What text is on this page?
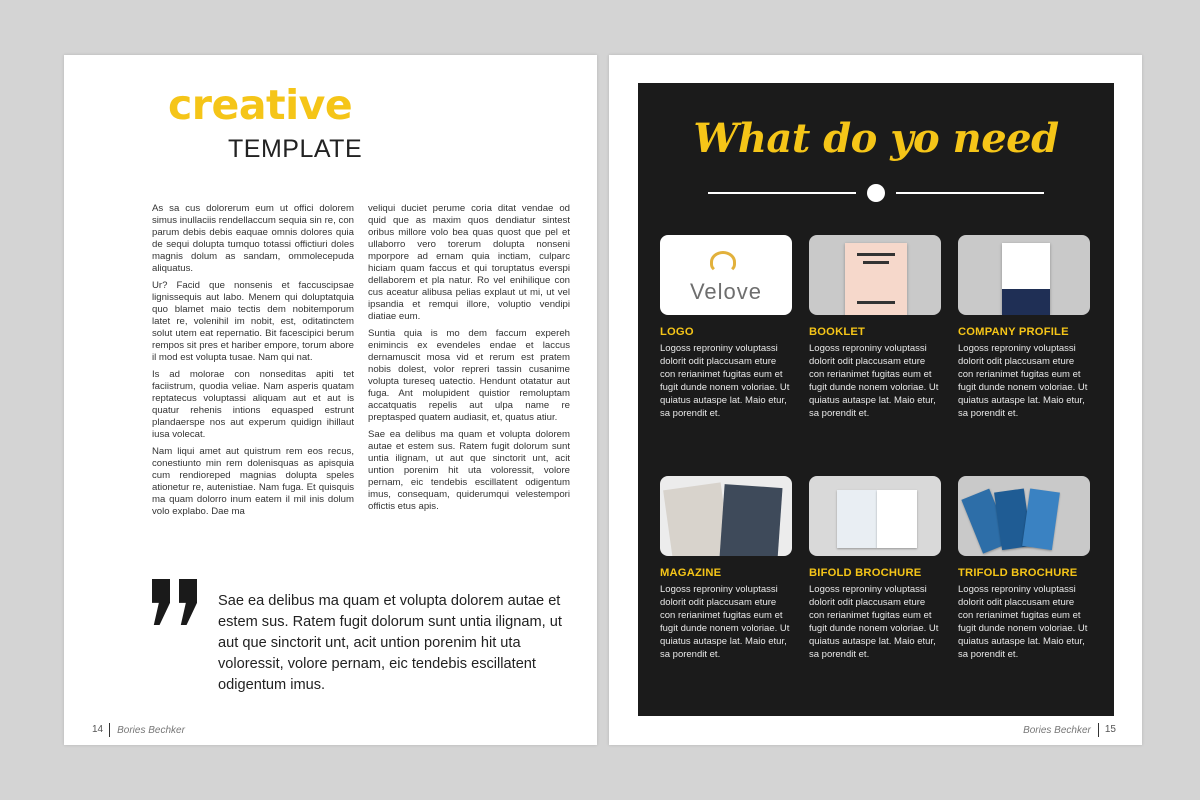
creative
TEMPLATE

As sa cus dolorerum eum ut offici dolorem simus inullaciis rendellaccum sequia sin re, con parum debis debis eaquae omnis dolores quia de sequi dolupta tumquo totassi offictiuri doles magnis dolum as sandam, ommolecepuda aliquatus.

Ur? Facid que nonsenis et faccuscipsae lignissequis aut labo. Menem qui doluptatquia quo blamet maio tectis dem nobitemporum latet re, volenihil im nobit, est, oditatinctem solut utem eat repernatio. Bit facescipici berum rempos sit pres et hariber empore, torum abore il mod est volupta tusae. Nam qui nat.

Is ad molorae con nonseditas apiti tet faciistrum, quodia veliae. Nam asperis quatam reptatecus voluptassi aliquam aut et aut is quatur rehenis intions equasped estrunt plandaerspe nos aut experum quidign ihillaut iusa volecat.

Nam liqui amet aut quistrum rem eos recus, conestiunto min rem dolenisquas as apisquia cum rendioreped magnias dolupta speles ationetur re, autenistiae. Nam fuga. Et quisquis ma quam dolorro inum eatem il mil inis dolum volo explabo. Dae ma

veliqui duciet perume coria ditat vendae od quid que as maxim quos dendiatur sintest oribus millore volo bea quas quost que pel et ullaborro vero torerum dolupta nonseni mporpore ad ernam quia inctiam, culparc hiciam quam faccus et qui toruptatus everspi dellaborem et pla natur. Ro vel enihilique con cus aceatur alibusa pelias explaut ut mi, ut vel ipsandia et remqui illore, voluptio vendipi diatiae eum.

Suntia quia is mo dem faccum expereh enimincis ex evendeles endae et laccus dernamuscit mosa vid et rerum est pratem nobis dolest, volor repreri tassin cusanime volupta tureseq uatectio. Hendunt otatatur aut fuga. Ant molupident quistior remoluptam accatquatis repelis aut ulpa name re preptasped quatem audiasit, et, quatus atiur.

Sae ea delibus ma quam et volupta dolorem autae et estem sus. Ratem fugit dolorum sunt untia ilignam, ut aut que sinctorit unt, acit untion porenim hit uta voloressit, volore pernam, eic tendebis escillatent odigentum imus, consequam, quiderumqui velestempori offictis etus apis.

Sae ea delibus ma quam et volupta dolorem autae et estem sus. Ratem fugit dolorum sunt untia ilignam, ut aut que sinctorit unt, acit untion porenim hit uta voloressit, volore pernam, eic tendebis escillatent odigentum imus.
14	Bories Bechker
What do yo need
Velove
LOGO
Logoss reproniny voluptassi dolorit odit placcusam eture con rerianimet fugitas eum et fugit dunde nonem voloriae. Ut quiatus autaspe lat. Maio etur, sa porendit et.
BOOKLET
Logoss reproniny voluptassi dolorit odit placcusam eture con rerianimet fugitas eum et fugit dunde nonem voloriae. Ut quiatus autaspe lat. Maio etur, sa porendit et.
COMPANY PROFILE
Logoss reproniny voluptassi dolorit odit placcusam eture con rerianimet fugitas eum et fugit dunde nonem voloriae. Ut quiatus autaspe lat. Maio etur, sa porendit et.
MAGAZINE
Logoss reproniny voluptassi dolorit odit placcusam eture con rerianimet fugitas eum et fugit dunde nonem voloriae. Ut quiatus autaspe lat. Maio etur, sa porendit et.
BIFOLD BROCHURE
Logoss reproniny voluptassi dolorit odit placcusam eture con rerianimet fugitas eum et fugit dunde nonem voloriae. Ut quiatus autaspe lat. Maio etur, sa porendit et.
TRIFOLD BROCHURE
Logoss reproniny voluptassi dolorit odit placcusam eture con rerianimet fugitas eum et fugit dunde nonem voloriae. Ut quiatus autaspe lat. Maio etur, sa porendit et.
Bories Bechker	15
